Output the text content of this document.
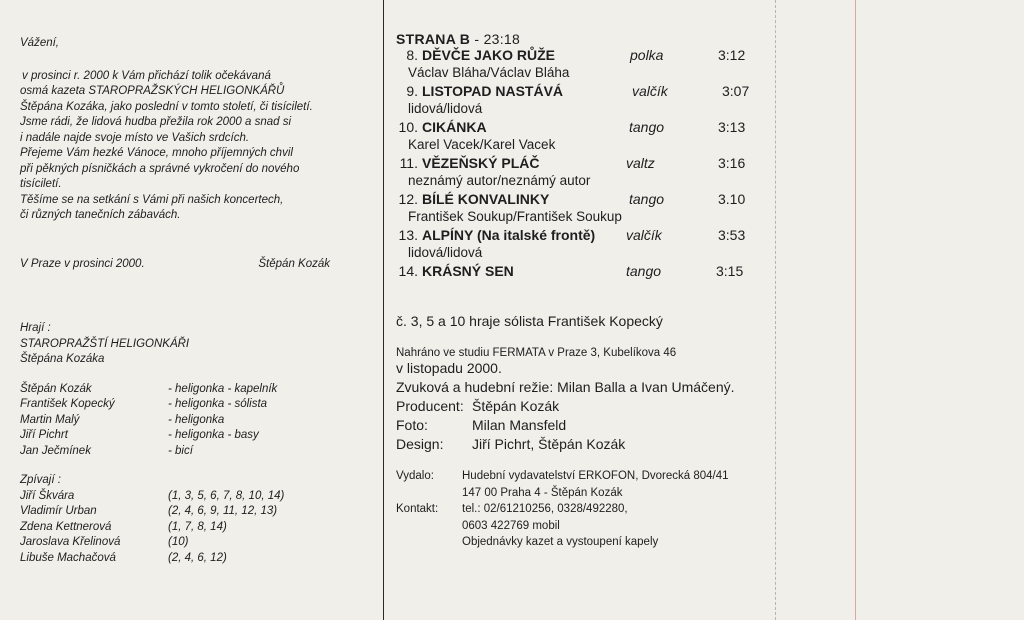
Vážení,
v prosinci r. 2000 k Vám přichází tolik očekávaná
osmá kazeta STAROPRAŽSKÝCH HELIGONKÁŘŮ
Štěpána Kozáka, jako poslední v tomto století, či tisíciletí.
Jsme rádi, že lidová hudba přežila rok 2000 a snad si
i nadále najde svoje místo ve Vašich srdcích.
Přejeme Vám hezké Vánoce, mnoho příjemných chvil
při pěkných písničkách a správné vykročení do nového
tisíciletí.
Těšíme se na setkání s Vámi při našich koncertech,
či různých tanečních zábavách.
V Praze v prosinci 2000.	Štěpán Kozák
Hrají :
STAROPRAŽŠTÍ HELIGONKÁŘI
Štěpána Kozáka
Štěpán Kozák	- heligonka - kapelník
František Kopecký	- heligonka - sólista
Martin Malý	- heligonka
Jiří Pichrt	- heligonka - basy
Jan Ječmínek	- bicí
Zpívají :
Jiří Škvára	(1, 3, 5, 6, 7, 8, 10, 14)
Vladimír Urban	(2, 4, 6, 9, 11, 12, 13)
Zdena Kettnerová	(1, 7, 8, 14)
Jaroslava Křelinová	(10)
Libuše Machačová	(2, 4, 6, 12)
STRANA B - 23:18
8. DĚVČE JAKO RŮŽE	polka	3:12
Václav Bláha/Václav Bláha
9. LISTOPAD NASTÁVÁ	valčík	3:07
lidová/lidová
10. CIKÁNKA	tango	3:13
Karel Vacek/Karel Vacek
11. VĚZEŇSKÝ PLÁČ	valtz	3:16
neznámý autor/neznámý autor
12. BÍLÉ KONVALINKY	tango	3.10
František Soukup/František Soukup
13. ALPÍNY (Na italské frontě) valčík	3:53
lidová/lidová
14. KRÁSNÝ SEN	tango	3:15
č. 3, 5 a 10 hraje sólista František Kopecký
Nahráno ve studiu FERMATA v Praze 3, Kubelíkova 46
v listopadu 2000.
Zvuková a hudební režie: Milan Balla a Ivan Umáčený.
Producent: Štěpán Kozák
Foto:	Milan Mansfeld
Design:	Jiří Pichrt, Štěpán Kozák
Vydalo:	Hudební vydavatelství ERKOFON, Dvorecká 804/41
147 00 Praha 4 - Štěpán Kozák
Kontakt:	tel.: 02/61210256, 0328/492280,
0603 422769 mobil
Objednávky kazet a vystoupení kapely
